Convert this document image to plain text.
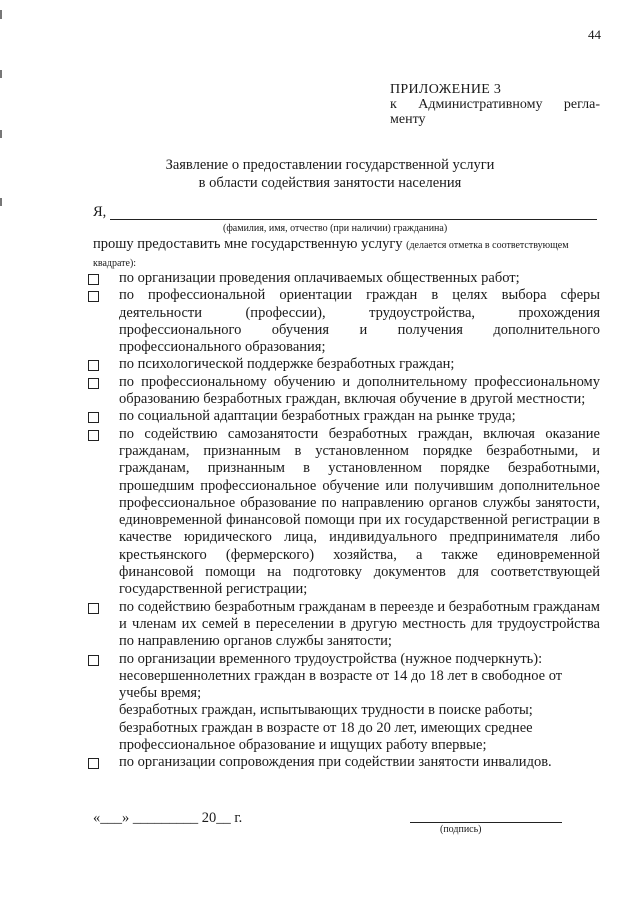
44
ПРИЛОЖЕНИЕ 3
к Административному регла-
менту
Заявление о предоставлении государственной услуги
в области содействия занятости населения
Я,
(фамилия, имя, отчество (при наличии) гражданина)
прошу предоставить мне государственную услугу (делается отметка в соответствующем квадрате):
по организации проведения оплачиваемых общественных работ;
по профессиональной ориентации граждан в целях выбора сферы деятельности (профессии), трудоустройства, прохождения профессионального обучения и получения дополнительного профессионального образования;
по психологической поддержке безработных граждан;
по профессиональному обучению и дополнительному профессиональному образованию безработных граждан, включая обучение в другой местности;
по социальной адаптации безработных граждан на рынке труда;
по содействию самозанятости безработных граждан, включая оказание гражданам, признанным в установленном порядке безработными, и гражданам, признанным в установленном порядке безработными, прошедшим профессиональное обучение или получившим дополнительное профессиональное образование по направлению органов службы занятости, единовременной финансовой помощи при их государственной регистрации в качестве юридического лица, индивидуального предпринимателя либо крестьянского (фермерского) хозяйства, а также единовременной финансовой помощи на подготовку документов для соответствующей государственной регистрации;
по содействию безработным гражданам в переезде и безработным гражданам и членам их семей в переселении в другую местность для трудоустройства по направлению органов службы занятости;
по организации временного трудоустройства (нужное подчеркнуть):
несовершеннолетних граждан в возрасте от 14 до 18 лет в свободное от учебы время;
безработных граждан, испытывающих трудности в поиске работы;
безработных граждан в возрасте от 18 до 20 лет, имеющих среднее профессиональное образование и ищущих работу впервые;
по организации сопровождения при содействии занятости инвалидов.
«___» _________ 20__ г.
(подпись)
